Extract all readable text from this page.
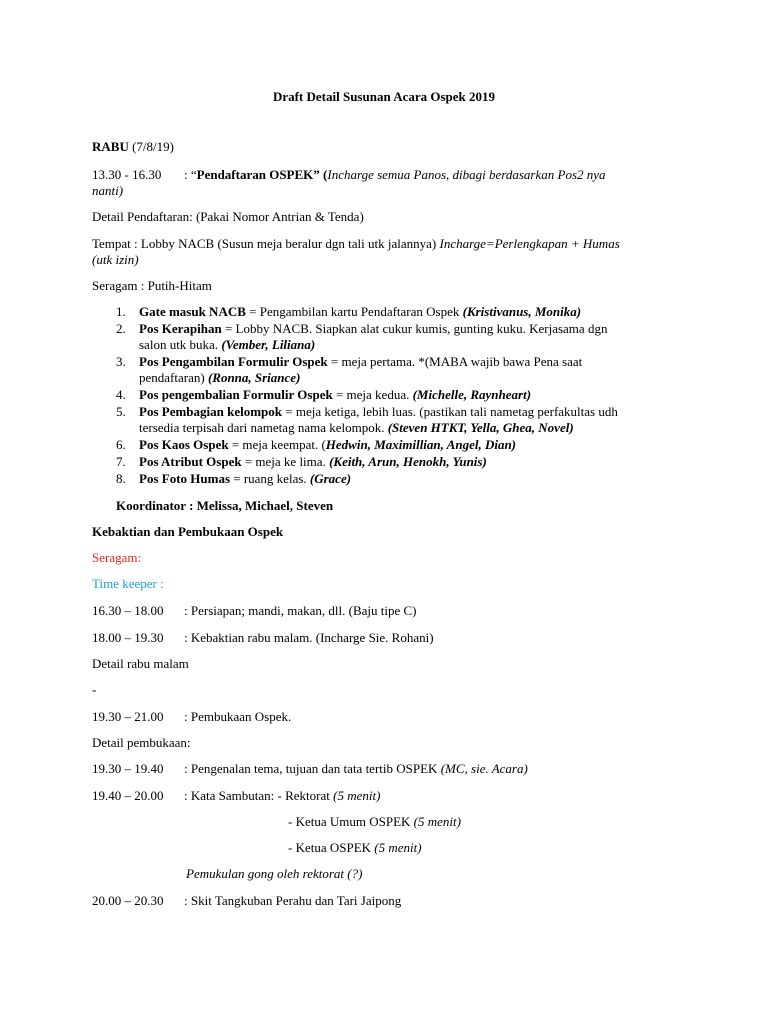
Draft Detail Susunan Acara Ospek 2019
RABU (7/8/19)
13.30 - 16.30 : “Pendaftaran OSPEK” (Incharge semua Panos, dibagi berdasarkan Pos2 nya
nanti)
Detail Pendaftaran: (Pakai Nomor Antrian & Tenda)
Tempat : Lobby NACB (Susun meja beralur dgn tali utk jalannya) Incharge=Perlengkapan + Humas
(utk izin)
Seragam : Putih-Hitam
1.	Gate masuk NACB = Pengambilan kartu Pendaftaran Ospek (Kristivanus, Monika)
2.	Pos Kerapihan = Lobby NACB. Siapkan alat cukur kumis, gunting kuku. Kerjasama dgn
salon utk buka. (Vember, Liliana)
3.	Pos Pengambilan Formulir Ospek = meja pertama. *(MABA wajib bawa Pena saat
pendaftaran) (Ronna, Sriance)
4.	Pos pengembalian Formulir Ospek = meja kedua. (Michelle, Raynheart)
5.	Pos Pembagian kelompok = meja ketiga, lebih luas. (pastikan tali nametag perfakultas udh
tersedia terpisah dari nametag nama kelompok. (Steven HTKT, Yella, Ghea, Novel)
6.	Pos Kaos Ospek = meja keempat. (Hedwin, Maximillian, Angel, Dian)
7.	Pos Atribut Ospek = meja ke lima. (Keith, Arun, Henokh, Yunis)
8.	Pos Foto Humas = ruang kelas. (Grace)
Koordinator : Melissa, Michael, Steven
Kebaktian dan Pembukaan Ospek
Seragam:
Time keeper :
16.30 – 18.00 : Persiapan; mandi, makan, dll. (Baju tipe C)
18.00 – 19.30 : Kebaktian rabu malam. (Incharge Sie. Rohani)
Detail rabu malam
-
19.30 – 21.00 : Pembukaan Ospek.
Detail pembukaan:
19.30 – 19.40 : Pengenalan tema, tujuan dan tata tertib OSPEK (MC, sie. Acara)
19.40 – 20.00 : Kata Sambutan: - Rektorat (5 menit)
- Ketua Umum OSPEK (5 menit)
- Ketua OSPEK (5 menit)
Pemukulan gong oleh rektorat (?)
20.00 – 20.30 : Skit Tangkuban Perahu dan Tari Jaipong
